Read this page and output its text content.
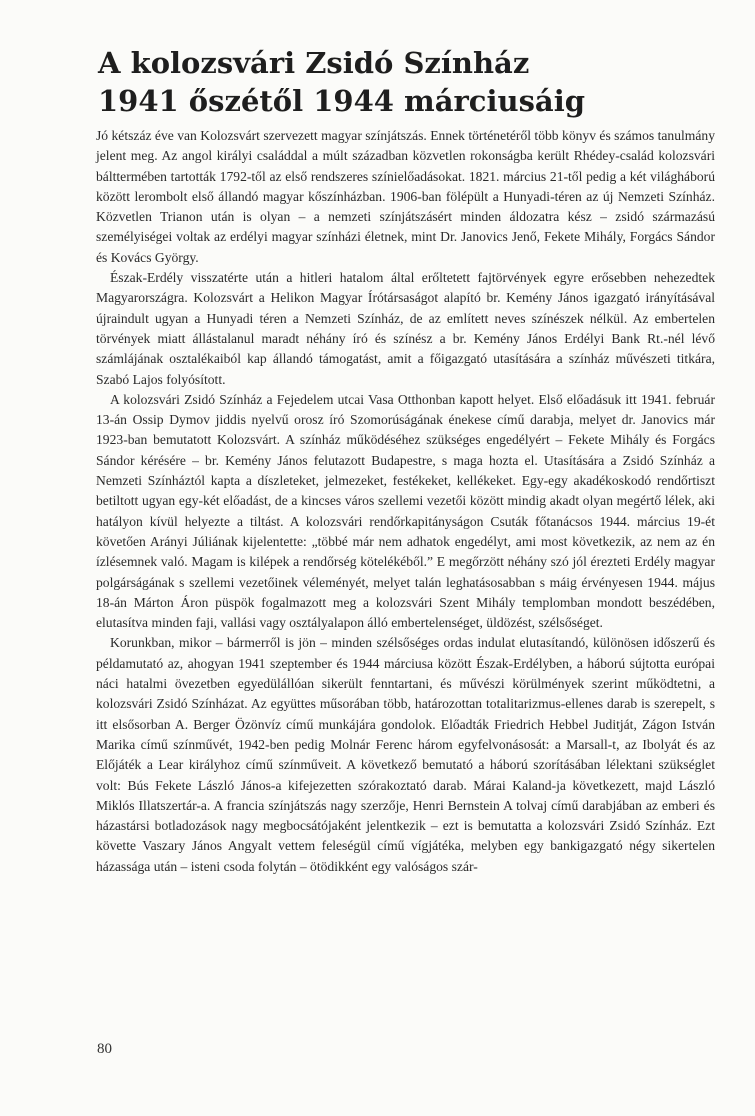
A kolozsvári Zsidó Színház
1941 őszétől 1944 márciusáig

Jó kétszáz éve van Kolozsvárt szervezett magyar színjátszás. Ennek történetéről több könyv és számos tanulmány jelent meg. Az angol királyi családdal a múlt században közvetlen rokonságba került Rhédey-család kolozsvári bálttermében tartották 1792-től az első rendszeres színielőadásokat. 1821. március 21-től pedig a két világháború között lerombolt első állandó magyar kőszínházban. 1906-ban fölépült a Hunyadi-téren az új Nemzeti Színház. Közvetlen Trianon után is olyan – a nemzeti színjátszásért minden áldozatra kész – zsidó származású személyiségei voltak az erdélyi magyar színházi életnek, mint Dr. Janovics Jenő, Fekete Mihály, Forgács Sándor és Kovács György.

Észak-Erdély visszatérte után a hitleri hatalom által erőltetett fajtörvények egyre erősebben nehezedtek Magyarországra. Kolozsvárt a Helikon Magyar Írótársaságot alapító br. Kemény János igazgató irányításával újraindult ugyan a Hunyadi téren a Nemzeti Színház, de az említett neves színészek nélkül. Az embertelen törvények miatt állástalanul maradt néhány író és színész a br. Kemény János Erdélyi Bank Rt.-nél lévő számlájának osztalékaiból kap állandó támogatást, amit a főigazgató utasítására a színház művészeti titkára, Szabó Lajos folyósított.

A kolozsvári Zsidó Színház a Fejedelem utcai Vasa Otthonban kapott helyet. Első előadásuk itt 1941. február 13-án Ossip Dymov jiddis nyelvű orosz író Szomorúságának énekese című darabja, melyet dr. Janovics már 1923-ban bemutatott Kolozsvárt. A színház működéséhez szükséges engedélyért – Fekete Mihály és Forgács Sándor kérésére – br. Kemény János felutazott Budapestre, s maga hozta el. Utasítására a Zsidó Színház a Nemzeti Színháztól kapta a díszleteket, jelmezeket, festékeket, kellékeket. Egy-egy akadékoskodó rendőrtiszt betiltott ugyan egy-két előadást, de a kincses város szellemi vezetői között mindig akadt olyan megértő lélek, aki hatályon kívül helyezte a tiltást. A kolozsvári rendőrkapitányságon Csuták főtanácsos 1944. március 19-ét követően Arányi Júliának kijelentette: „többé már nem adhatok engedélyt, ami most következik, az nem az én ízlésemnek való. Magam is kilépek a rendőrség kötelékéből.” E megőrzött néhány szó jól érezteti Erdély magyar polgárságának s szellemi vezetőinek véleményét, melyet talán leghatásosabban s máig érvényesen 1944. május 18-án Márton Áron püspök fogalmazott meg a kolozsvári Szent Mihály templomban mondott beszédében, elutasítva minden faji, vallási vagy osztályalapon álló embertelenséget, üldözést, szélsőséget.

Korunkban, mikor – bármerről is jön – minden szélsőséges ordas indulat elutasítandó, különösen időszerű és példamutató az, ahogyan 1941 szeptember és 1944 márciusa között Észak-Erdélyben, a háború sújtotta európai náci hatalmi övezetben egyedülállóan sikerült fenntartani, és művészi körülmények szerint működtetni, a kolozsvári Zsidó Színházat. Az együttes műsorában több, határozottan totalitarizmus-ellenes darab is szerepelt, s itt elsősorban A. Berger Özönvíz című munkájára gondolok. Előadták Friedrich Hebbel Juditját, Zágon István Marika című színművét, 1942-ben pedig Molnár Ferenc három egyfelvonásosát: a Marsall-t, az Ibolyát és az Előjáték a Lear királyhoz című színműveit. A következő bemutató a háború szorításában lélektani szükséglet volt: Bús Fekete László János-a kifejezetten szórakoztató darab. Márai Kaland-ja következett, majd László Miklós Illatszertár-a. A francia színjátszás nagy szerzője, Henri Bernstein A tolvaj című darabjában az emberi és házastársi botladozások nagy megbocsátójaként jelentkezik – ezt is bemutatta a kolozsvári Zsidó Színház. Ezt követte Vaszary János Angyalt vettem feleségül című vígjátéka, melyben egy bankigazgató négy sikertelen házassága után – isteni csoda folytán – ötödikként egy valóságos szár-

80
